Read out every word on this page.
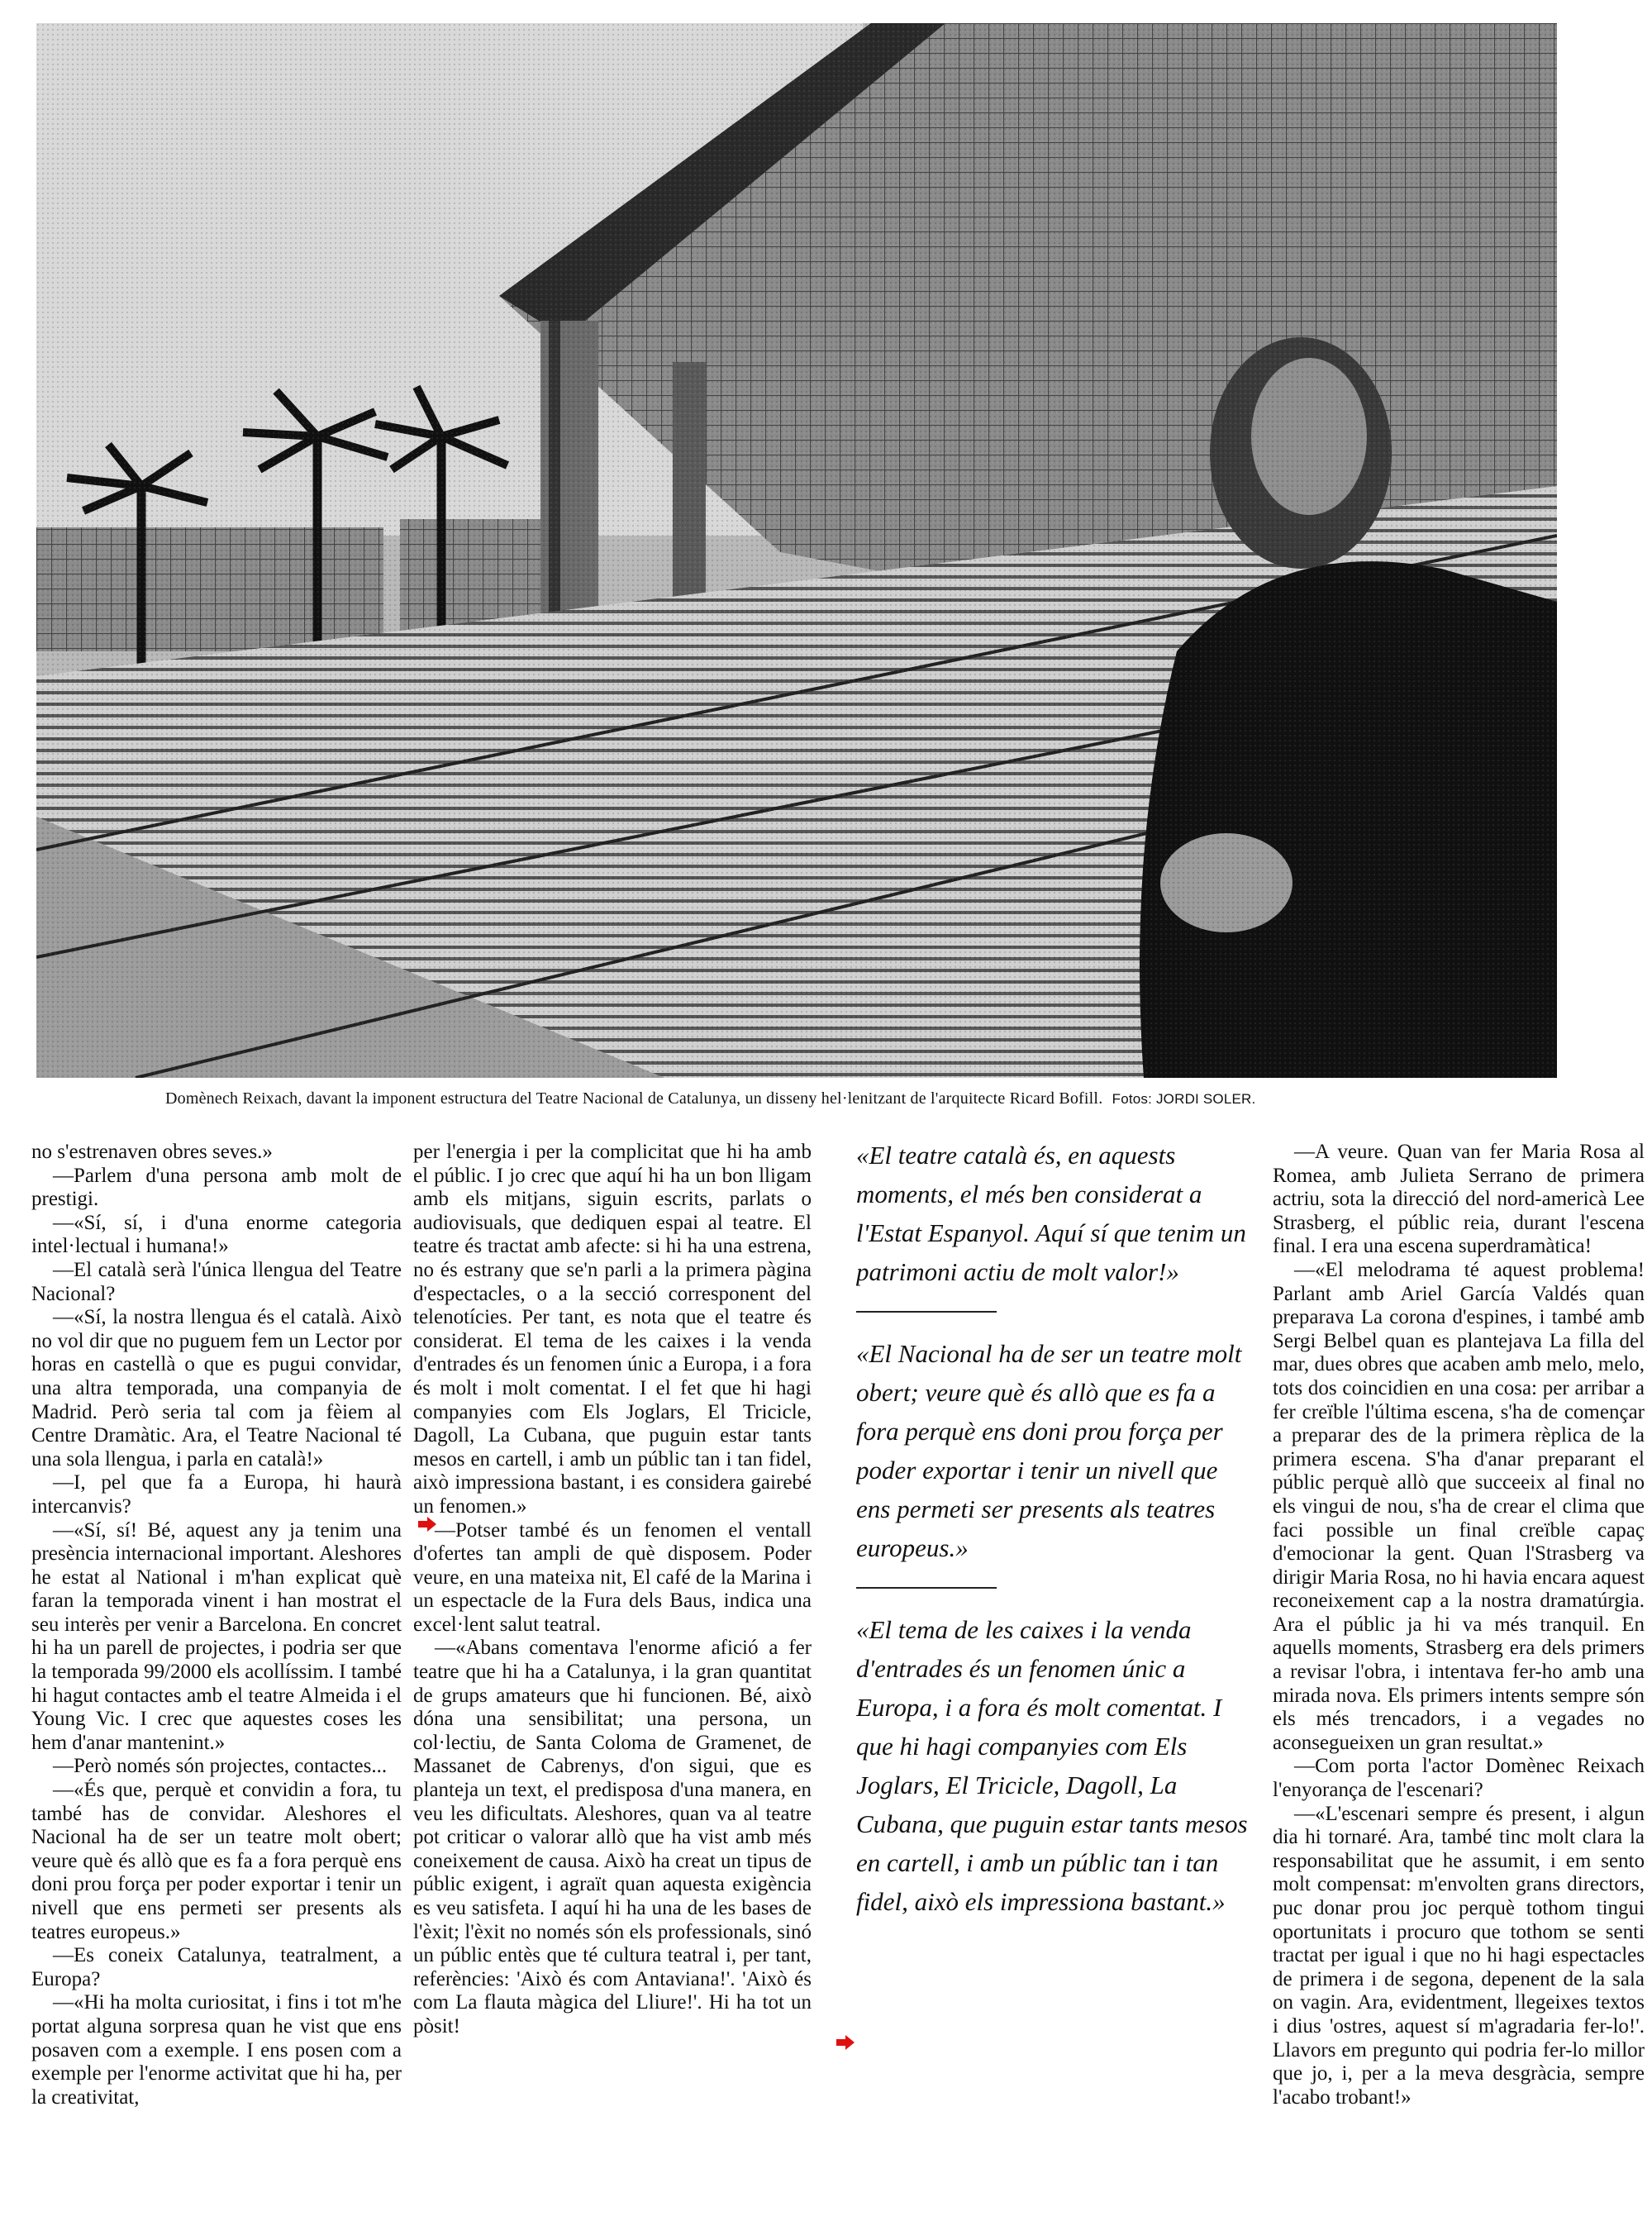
Domènech Reixach, davant la imponent estructura del Teatre Nacional de Catalunya, un disseny hel·lenitzant de l'arquitecte Ricard Bofill. Fotos: JORDI SOLER.

no s'estrenaven obres seves.»

—Parlem d'una persona amb molt de prestigi.

—«Sí, sí, i d'una enorme categoria intel·lectual i humana!»

—El català serà l'única llengua del Teatre Nacional?

—«Sí, la nostra llengua és el català. Això no vol dir que no puguem fem un Lector por horas en castellà o que es pugui convidar, una altra temporada, una companyia de Madrid. Però seria tal com ja fèiem al Centre Dramàtic. Ara, el Teatre Nacional té una sola llengua, i parla en català!»

—I, pel que fa a Europa, hi haurà intercanvis?

—«Sí, sí! Bé, aquest any ja tenim una presència internacional important. Aleshores he estat al National i m'han explicat què faran la temporada vinent i han mostrat el seu interès per venir a Barcelona. En concret hi ha un parell de projectes, i podria ser que la temporada 99/2000 els acollíssim. I també hi hagut contactes amb el teatre Almeida i el Young Vic. I crec que aquestes coses les hem d'anar mantenint.»

—Però només són projectes, contactes...

—«És que, perquè et convidin a fora, tu també has de convidar. Aleshores el Nacional ha de ser un teatre molt obert; veure què és allò que es fa a fora perquè ens doni prou força per poder exportar i tenir un nivell que ens permeti ser presents als teatres europeus.»

—Es coneix Catalunya, teatralment, a Europa?

—«Hi ha molta curiositat, i fins i tot m'he portat alguna sorpresa quan he vist que ens posaven com a exemple. I ens posen com a exemple per l'enorme activitat que hi ha, per la creativitat,

per l'energia i per la complicitat que hi ha amb el públic. I jo crec que aquí hi ha un bon lligam amb els mitjans, siguin escrits, parlats o audiovisuals, que dediquen espai al teatre. El teatre és tractat amb afecte: si hi ha una estrena, no és estrany que se'n parli a la primera pàgina d'espectacles, o a la secció corresponent del telenotícies. Per tant, es nota que el teatre és considerat. El tema de les caixes i la venda d'entrades és un fenomen únic a Europa, i a fora és molt i molt comentat. I el fet que hi hagi companyies com Els Joglars, El Tricicle, Dagoll, La Cubana, que puguin estar tants mesos en cartell, i amb un públic tan i tan fidel, això impressiona bastant, i es considera gairebé un fenomen.»

—Potser també és un fenomen el ventall d'ofertes tan ampli de què disposem. Poder veure, en una mateixa nit, El café de la Marina i un espectacle de la Fura dels Baus, indica una excel·lent salut teatral.

—«Abans comentava l'enorme afició a fer teatre que hi ha a Catalunya, i la gran quantitat de grups amateurs que hi funcionen. Bé, això dóna una sensibilitat; una persona, un col·lectiu, de Santa Coloma de Gramenet, de Massanet de Cabrenys, d'on sigui, que es planteja un text, el predisposa d'una manera, en veu les dificultats. Aleshores, quan va al teatre pot criticar o valorar allò que ha vist amb més coneixement de causa. Això ha creat un tipus de públic exigent, i agraït quan aquesta exigència es veu satisfeta. I aquí hi ha una de les bases de l'èxit; l'èxit no només són els professionals, sinó un públic entès que té cultura teatral i, per tant, referències: 'Això és com Antaviana!'. 'Això és com La flauta màgica del Lliure!'. Hi ha tot un pòsit!

«El teatre català és, en aquests moments, el més ben considerat a l'Estat Espanyol. Aquí sí que tenim un patrimoni actiu de molt valor!»

«El Nacional ha de ser un teatre molt obert; veure què és allò que es fa a fora perquè ens doni prou força per poder exportar i tenir un nivell que ens permeti ser presents als teatres europeus.»

«El tema de les caixes i la venda d'entrades és un fenomen únic a Europa, i a fora és molt comentat. I que hi hagi companyies com Els Joglars, El Tricicle, Dagoll, La Cubana, que puguin estar tants mesos en cartell, i amb un públic tan i tan fidel, això els impressiona bastant.»

—A veure. Quan van fer Maria Rosa al Romea, amb Julieta Serrano de primera actriu, sota la direcció del nord-americà Lee Strasberg, el públic reia, durant l'escena final. I era una escena superdramàtica!

—«El melodrama té aquest problema! Parlant amb Ariel García Valdés quan preparava La corona d'espines, i també amb Sergi Belbel quan es plantejava La filla del mar, dues obres que acaben amb melo, melo, tots dos coincidien en una cosa: per arribar a fer creïble l'última escena, s'ha de començar a preparar des de la primera rèplica de la primera escena. S'ha d'anar preparant el públic perquè allò que succeeix al final no els vingui de nou, s'ha de crear el clima que faci possible un final creïble capaç d'emocionar la gent. Quan l'Strasberg va dirigir Maria Rosa, no hi havia encara aquest reconeixement cap a la nostra dramatúrgia. Ara el públic ja hi va més tranquil. En aquells moments, Strasberg era dels primers a revisar l'obra, i intentava fer-ho amb una mirada nova. Els primers intents sempre són els més trencadors, i a vegades no aconsegueixen un gran resultat.»

—Com porta l'actor Domènec Reixach l'enyorança de l'escenari?

—«L'escenari sempre és present, i algun dia hi tornaré. Ara, també tinc molt clara la responsabilitat que he assumit, i em sento molt compensat: m'envolten grans directors, puc donar prou joc perquè tothom tingui oportunitats i procuro que tothom se senti tractat per igual i que no hi hagi espectacles de primera i de segona, depenent de la sala on vagin. Ara, evidentment, llegeixes textos i dius 'ostres, aquest sí m'agradaria fer-lo!'. Llavors em pregunto qui podria fer-lo millor que jo, i, per a la meva desgràcia, sempre l'acabo trobant!»
